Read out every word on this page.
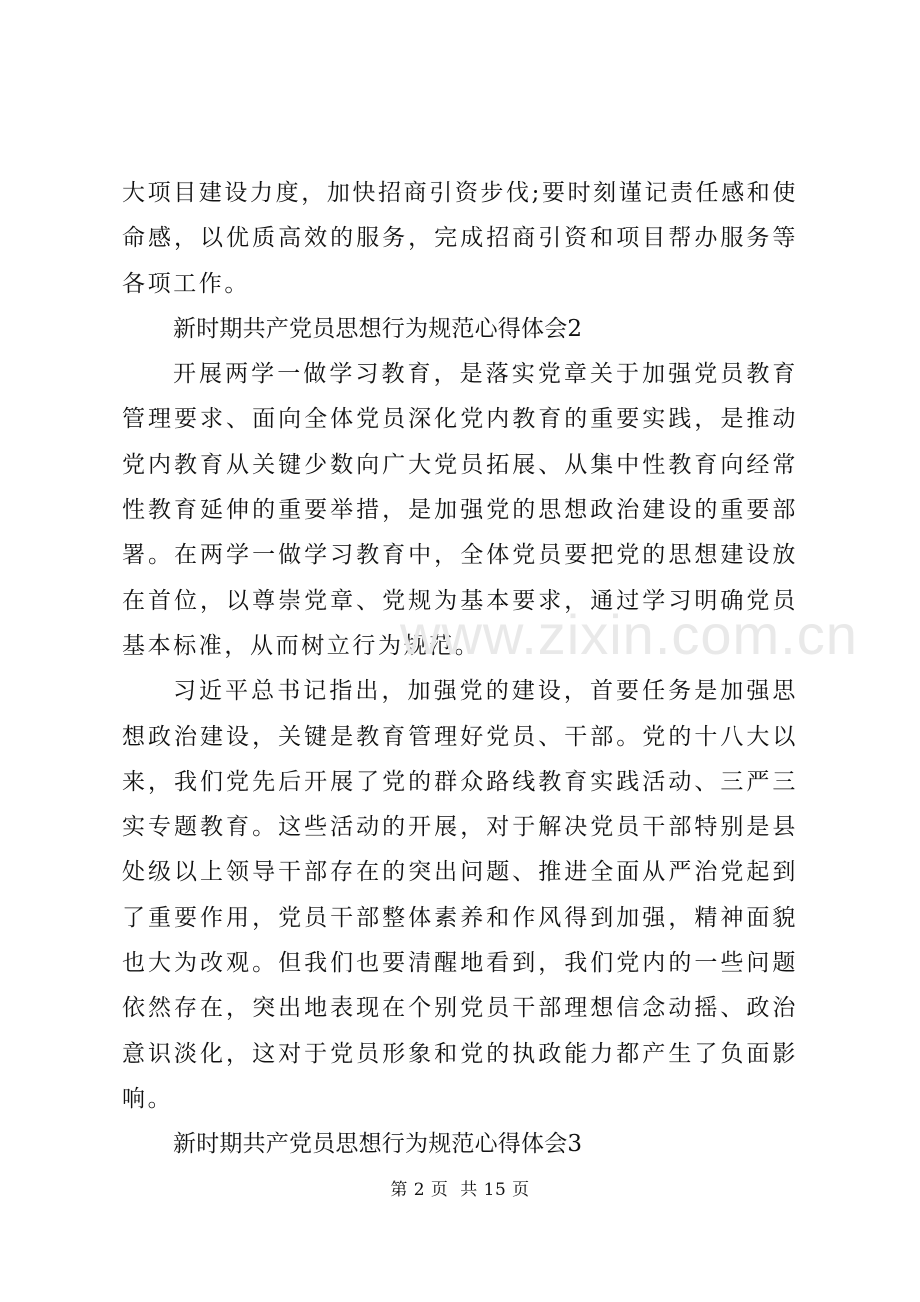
大项目建设力度，加快招商引资步伐;要时刻谨记责任感和使命感，以优质高效的服务，完成招商引资和项目帮办服务等各项工作。

新时期共产党员思想行为规范心得体会2

开展两学一做学习教育，是落实党章关于加强党员教育管理要求、面向全体党员深化党内教育的重要实践，是推动党内教育从关键少数向广大党员拓展、从集中性教育向经常性教育延伸的重要举措，是加强党的思想政治建设的重要部署。在两学一做学习教育中，全体党员要把党的思想建设放在首位，以尊崇党章、党规为基本要求，通过学习明确党员基本标准，从而树立行为规范。

习近平总书记指出，加强党的建设，首要任务是加强思想政治建设，关键是教育管理好党员、干部。党的十八大以来，我们党先后开展了党的群众路线教育实践活动、三严三实专题教育。这些活动的开展，对于解决党员干部特别是县处级以上领导干部存在的突出问题、推进全面从严治党起到了重要作用，党员干部整体素养和作风得到加强，精神面貌也大为改观。但我们也要清醒地看到，我们党内的一些问题依然存在，突出地表现在个别党员干部理想信念动摇、政治意识淡化，这对于党员形象和党的执政能力都产生了负面影响。

新时期共产党员思想行为规范心得体会3

www.zixin.com.cn
第 2 页  共 15 页
